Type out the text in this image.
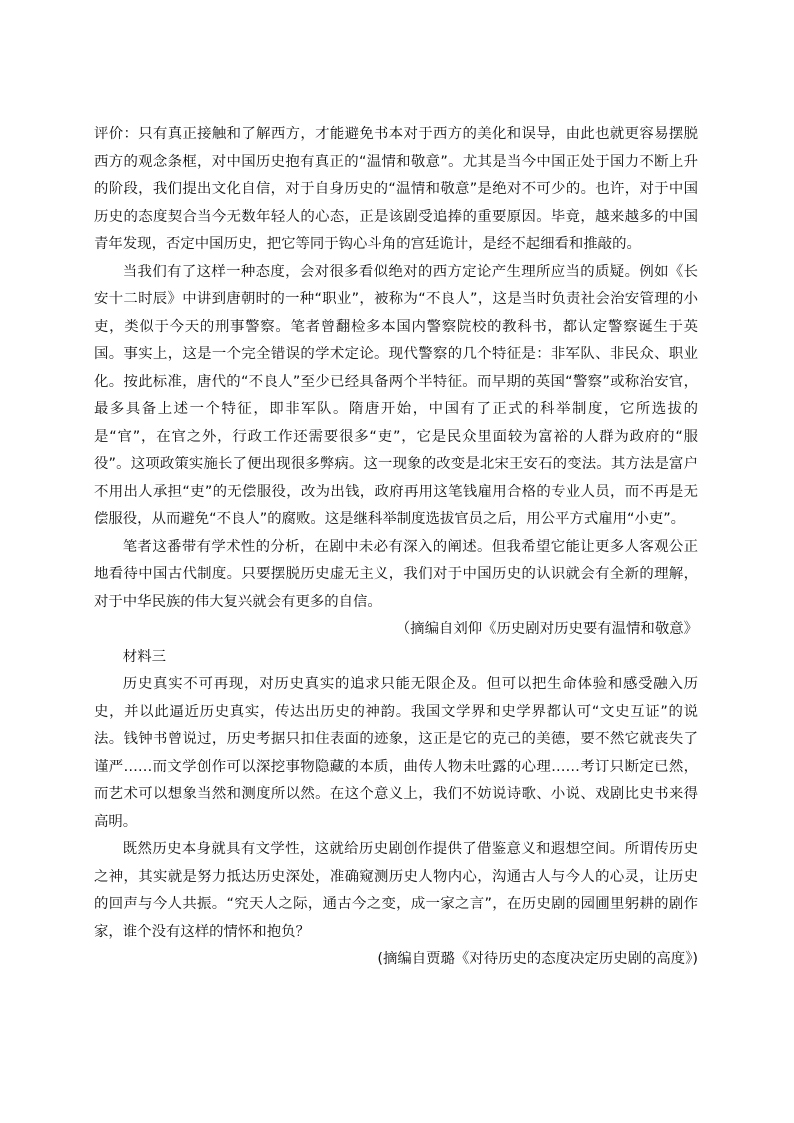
评价：只有真正接触和了解西方，才能避免书本对于西方的美化和误导，由此也就更容易摆脱西方的观念条框，对中国历史抱有真正的“温情和敬意”。尤其是当今中国正处于国力不断上升的阶段，我们提出文化自信，对于自身历史的“温情和敬意”是绝对不可少的。也许，对于中国历史的态度契合当今无数年轻人的心态，正是该剧受追捧的重要原因。毕竟，越来越多的中国青年发现，否定中国历史，把它等同于钩心斗角的宫廷诡计，是经不起细看和推敲的。

当我们有了这样一种态度，会对很多看似绝对的西方定论产生理所应当的质疑。例如《长安十二时辰》中讲到唐朝时的一种“职业”，被称为“不良人”，这是当时负责社会治安管理的小吏，类似于今天的刑事警察。笔者曾翻检多本国内警察院校的教科书，都认定警察诞生于英国。事实上，这是一个完全错误的学术定论。现代警察的几个特征是：非军队、非民众、职业化。按此标准，唐代的“不良人”至少已经具备两个半特征。而早期的英国“警察”或称治安官，最多具备上述一个特征，即非军队。隋唐开始，中国有了正式的科举制度，它所选拔的是“官”，在官之外，行政工作还需要很多“吏”，它是民众里面较为富裕的人群为政府的“服役”。这项政策实施长了便出现很多弊病。这一现象的改变是北宋王安石的变法。其方法是富户不用出人承担“吏”的无偿服役，改为出钱，政府再用这笔钱雇用合格的专业人员，而不再是无偿服役，从而避免“不良人”的腐败。这是继科举制度选拔官员之后，用公平方式雇用“小吏”。

笔者这番带有学术性的分析，在剧中未必有深入的阐述。但我希望它能让更多人客观公正地看待中国古代制度。只要摆脱历史虚无主义，我们对于中国历史的认识就会有全新的理解，对于中华民族的伟大复兴就会有更多的自信。

（摘编自刘仰《历史剧对历史要有温情和敬意》

材料三

历史真实不可再现，对历史真实的追求只能无限企及。但可以把生命体验和感受融入历史，并以此逼近历史真实，传达出历史的神韵。我国文学界和史学界都认可“文史互证”的说法。钱钟书曾说过，历史考据只扣住表面的迹象，这正是它的克己的美德，要不然它就丧失了谨严……而文学创作可以深挖事物隐藏的本质，曲传人物未吐露的心理……考订只断定已然，而艺术可以想象当然和测度所以然。在这个意义上，我们不妨说诗歌、小说、戏剧比史书来得高明。

既然历史本身就具有文学性，这就给历史剧创作提供了借鉴意义和遐想空间。所谓传历史之神，其实就是努力抵达历史深处，准确窥测历史人物内心，沟通古人与今人的心灵，让历史的回声与今人共振。“究天人之际，通古今之变，成一家之言”，在历史剧的园圃里躬耕的剧作家，谁个没有这样的情怀和抱负？

(摘编自贾璐《对待历史的态度决定历史剧的高度》)
